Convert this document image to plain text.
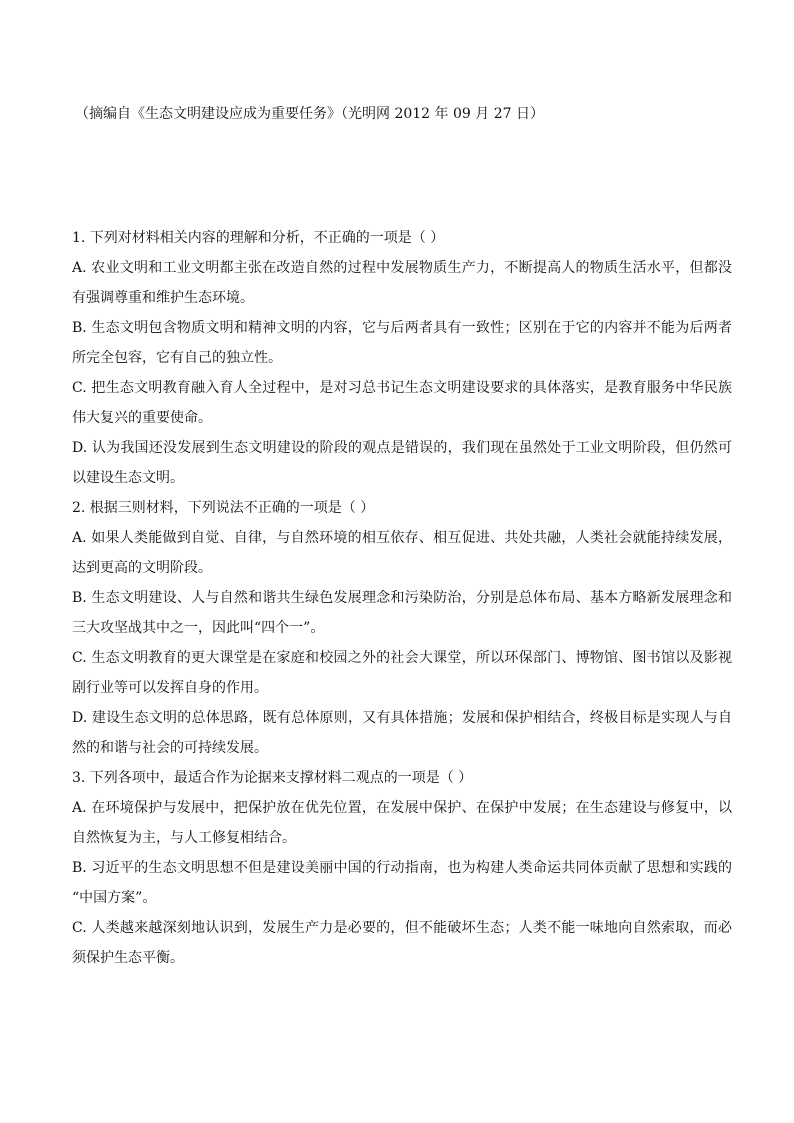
（摘编自《生态文明建设应成为重要任务》（光明网 2012 年 09 月 27 日）
1. 下列对材料相关内容的理解和分析，不正确的一项是（ ）
A. 农业文明和工业文明都主张在改造自然的过程中发展物质生产力，不断提高人的物质生活水平，但都没
有强调尊重和维护生态环境。
B. 生态文明包含物质文明和精神文明的内容，它与后两者具有一致性；区别在于它的内容并不能为后两者
所完全包容，它有自己的独立性。
C. 把生态文明教育融入育人全过程中，是对习总书记生态文明建设要求的具体落实，是教育服务中华民族
伟大复兴的重要使命。
D. 认为我国还没发展到生态文明建设的阶段的观点是错误的，我们现在虽然处于工业文明阶段，但仍然可
以建设生态文明。
2. 根据三则材料，下列说法不正确的一项是（ ）
A. 如果人类能做到自觉、自律，与自然环境的相互依存、相互促进、共处共融，人类社会就能持续发展，
达到更高的文明阶段。
B. 生态文明建设、人与自然和谐共生绿色发展理念和污染防治，分别是总体布局、基本方略新发展理念和
三大攻坚战其中之一，因此叫“四个一”。
C. 生态文明教育的更大课堂是在家庭和校园之外的社会大课堂，所以环保部门、博物馆、图书馆以及影视
剧行业等可以发挥自身的作用。
D. 建设生态文明的总体思路，既有总体原则，又有具体措施；发展和保护相结合，终极目标是实现人与自
然的和谐与社会的可持续发展。
3. 下列各项中，最适合作为论据来支撑材料二观点的一项是（ ）
A. 在环境保护与发展中，把保护放在优先位置，在发展中保护、在保护中发展；在生态建设与修复中，以
自然恢复为主，与人工修复相结合。
B. 习近平的生态文明思想不但是建设美丽中国的行动指南，也为构建人类命运共同体贡献了思想和实践的
“中国方案”。
C. 人类越来越深刻地认识到，发展生产力是必要的，但不能破坏生态；人类不能一味地向自然索取，而必
须保护生态平衡。
